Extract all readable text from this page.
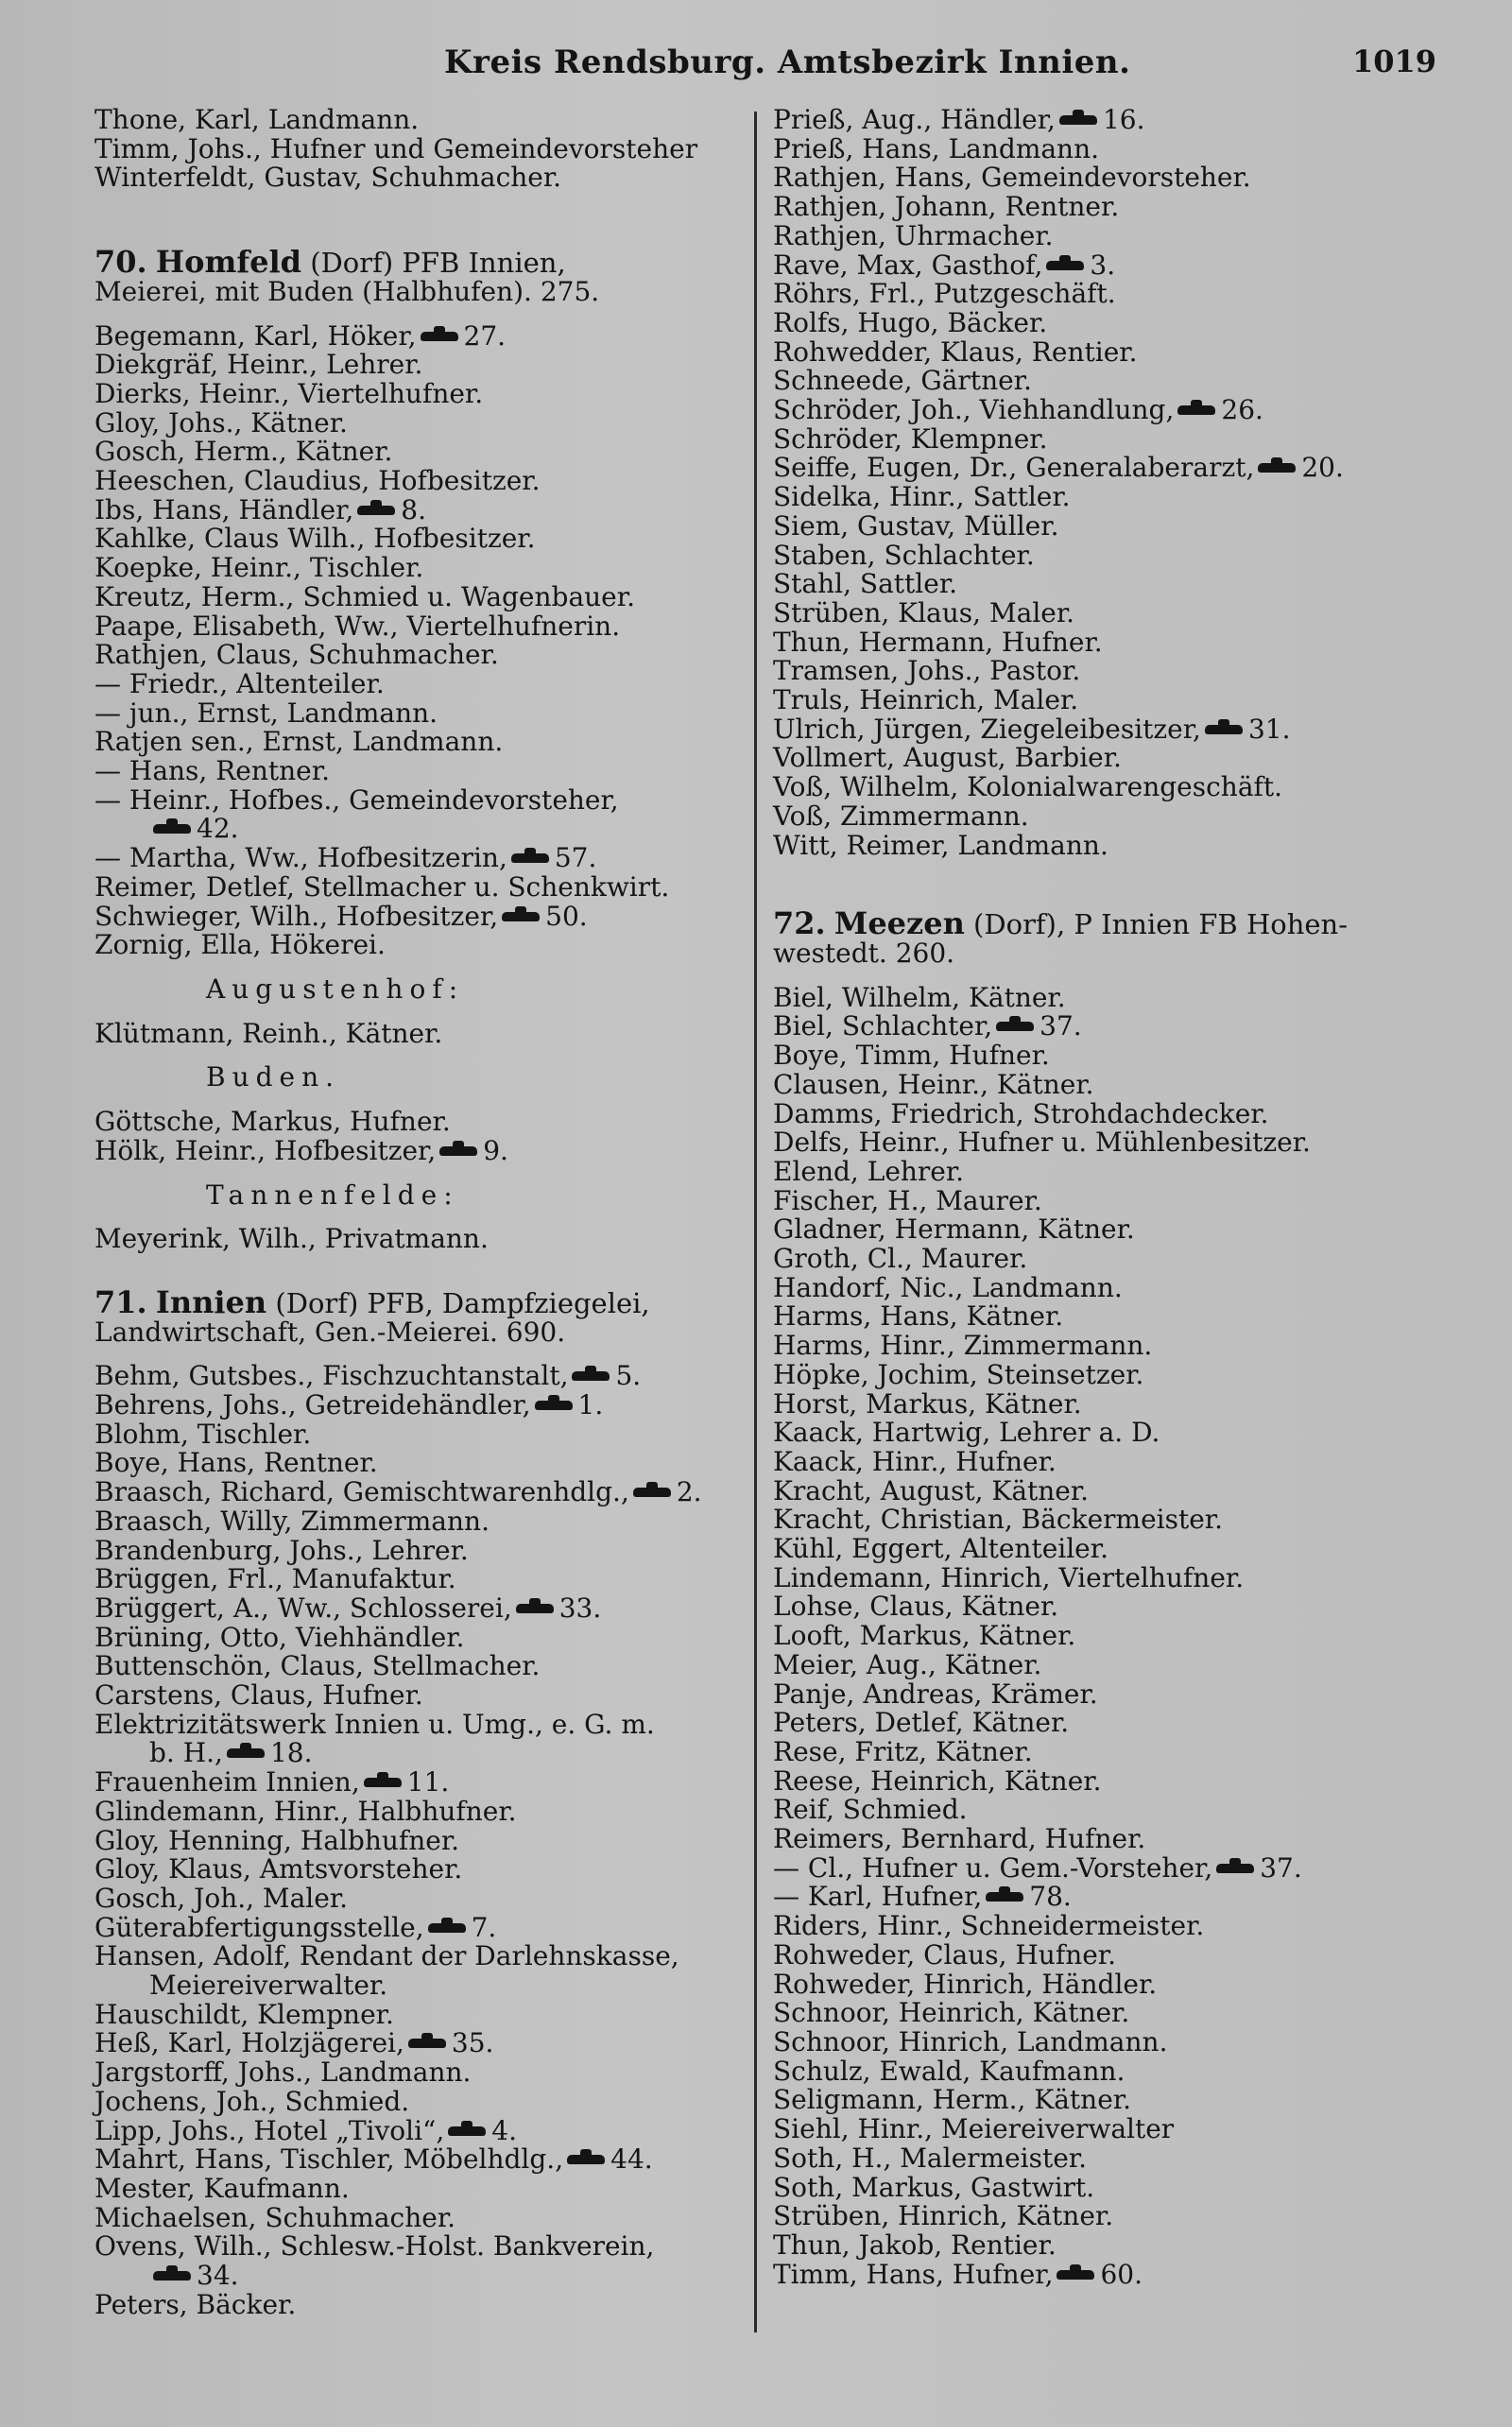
Kreis Rendsburg. Amtsbezirk Innien.	1019
Thone, Karl, Landmann.
Timm, Johs., Hufner und Gemeindevorsteher
Winterfeldt, Gustav, Schuhmacher.
70. Homfeld (Dorf) PFB Innien,
Meierei, mit Buden (Halbhufen). 275.
Begemann, Karl, Höker, 27.
Diekgräf, Heinr., Lehrer.
Dierks, Heinr., Viertelhufner.
Gloy, Johs., Kätner.
Gosch, Herm., Kätner.
Heeschen, Claudius, Hofbesitzer.
Ibs, Hans, Händler, 8.
Kahlke, Claus Wilh., Hofbesitzer.
Koepke, Heinr., Tischler.
Kreutz, Herm., Schmied u. Wagenbauer.
Paape, Elisabeth, Ww., Viertelhufnerin.
Rathjen, Claus, Schuhmacher.
— Friedr., Altenteiler.
— jun., Ernst, Landmann.
Ratjen sen., Ernst, Landmann.
— Hans, Rentner.
— Heinr., Hofbes., Gemeindevorsteher,
42.
— Martha, Ww., Hofbesitzerin, 57.
Reimer, Detlef, Stellmacher u. Schenkwirt.
Schwieger, Wilh., Hofbesitzer, 50.
Zornig, Ella, Hökerei.
Augustenhof:
Klütmann, Reinh., Kätner.
Buden.
Göttsche, Markus, Hufner.
Hölk, Heinr., Hofbesitzer, 9.
Tannenfelde:
Meyerink, Wilh., Privatmann.
71. Innien (Dorf) PFB, Dampfziegelei,
Landwirtschaft, Gen.-Meierei. 690.
Behm, Gutsbes., Fischzuchtanstalt, 5.
Behrens, Johs., Getreidehändler, 1.
Blohm, Tischler.
Boye, Hans, Rentner.
Braasch, Richard, Gemischtwarenhdlg., 2.
Braasch, Willy, Zimmermann.
Brandenburg, Johs., Lehrer.
Brüggen, Frl., Manufaktur.
Brüggert, A., Ww., Schlosserei, 33.
Brüning, Otto, Viehhändler.
Buttenschön, Claus, Stellmacher.
Carstens, Claus, Hufner.
Elektrizitätswerk Innien u. Umg., e. G. m.
b. H., 18.
Frauenheim Innien, 11.
Glindemann, Hinr., Halbhufner.
Gloy, Henning, Halbhufner.
Gloy, Klaus, Amtsvorsteher.
Gosch, Joh., Maler.
Güterabfertigungsstelle, 7.
Hansen, Adolf, Rendant der Darlehnskasse,
Meiereiverwalter.
Hauschildt, Klempner.
Heß, Karl, Holzjägerei, 35.
Jargstorff, Johs., Landmann.
Jochens, Joh., Schmied.
Lipp, Johs., Hotel „Tivoli“, 4.
Mahrt, Hans, Tischler, Möbelhdlg., 44.
Mester, Kaufmann.
Michaelsen, Schuhmacher.
Ovens, Wilh., Schlesw.-Holst. Bankverein,
34.
Peters, Bäcker.
Prieß, Aug., Händler, 16.
Prieß, Hans, Landmann.
Rathjen, Hans, Gemeindevorsteher.
Rathjen, Johann, Rentner.
Rathjen, Uhrmacher.
Rave, Max, Gasthof, 3.
Röhrs, Frl., Putzgeschäft.
Rolfs, Hugo, Bäcker.
Rohwedder, Klaus, Rentier.
Schneede, Gärtner.
Schröder, Joh., Viehhandlung, 26.
Schröder, Klempner.
Seiffe, Eugen, Dr., Generalaberarzt, 20.
Sidelka, Hinr., Sattler.
Siem, Gustav, Müller.
Staben, Schlachter.
Stahl, Sattler.
Strüben, Klaus, Maler.
Thun, Hermann, Hufner.
Tramsen, Johs., Pastor.
Truls, Heinrich, Maler.
Ulrich, Jürgen, Ziegeleibesitzer, 31.
Vollmert, August, Barbier.
Voß, Wilhelm, Kolonialwarengeschäft.
Voß, Zimmermann.
Witt, Reimer, Landmann.
72. Meezen (Dorf), P Innien FB Hohen-
westedt. 260.
Biel, Wilhelm, Kätner.
Biel, Schlachter, 37.
Boye, Timm, Hufner.
Clausen, Heinr., Kätner.
Damms, Friedrich, Strohdachdecker.
Delfs, Heinr., Hufner u. Mühlenbesitzer.
Elend, Lehrer.
Fischer, H., Maurer.
Gladner, Hermann, Kätner.
Groth, Cl., Maurer.
Handorf, Nic., Landmann.
Harms, Hans, Kätner.
Harms, Hinr., Zimmermann.
Höpke, Jochim, Steinsetzer.
Horst, Markus, Kätner.
Kaack, Hartwig, Lehrer a. D.
Kaack, Hinr., Hufner.
Kracht, August, Kätner.
Kracht, Christian, Bäckermeister.
Kühl, Eggert, Altenteiler.
Lindemann, Hinrich, Viertelhufner.
Lohse, Claus, Kätner.
Looft, Markus, Kätner.
Meier, Aug., Kätner.
Panje, Andreas, Krämer.
Peters, Detlef, Kätner.
Rese, Fritz, Kätner.
Reese, Heinrich, Kätner.
Reif, Schmied.
Reimers, Bernhard, Hufner.
— Cl., Hufner u. Gem.-Vorsteher, 37.
— Karl, Hufner, 78.
Riders, Hinr., Schneidermeister.
Rohweder, Claus, Hufner.
Rohweder, Hinrich, Händler.
Schnoor, Heinrich, Kätner.
Schnoor, Hinrich, Landmann.
Schulz, Ewald, Kaufmann.
Seligmann, Herm., Kätner.
Siehl, Hinr., Meiereiverwalter
Soth, H., Malermeister.
Soth, Markus, Gastwirt.
Strüben, Hinrich, Kätner.
Thun, Jakob, Rentier.
Timm, Hans, Hufner, 60.
